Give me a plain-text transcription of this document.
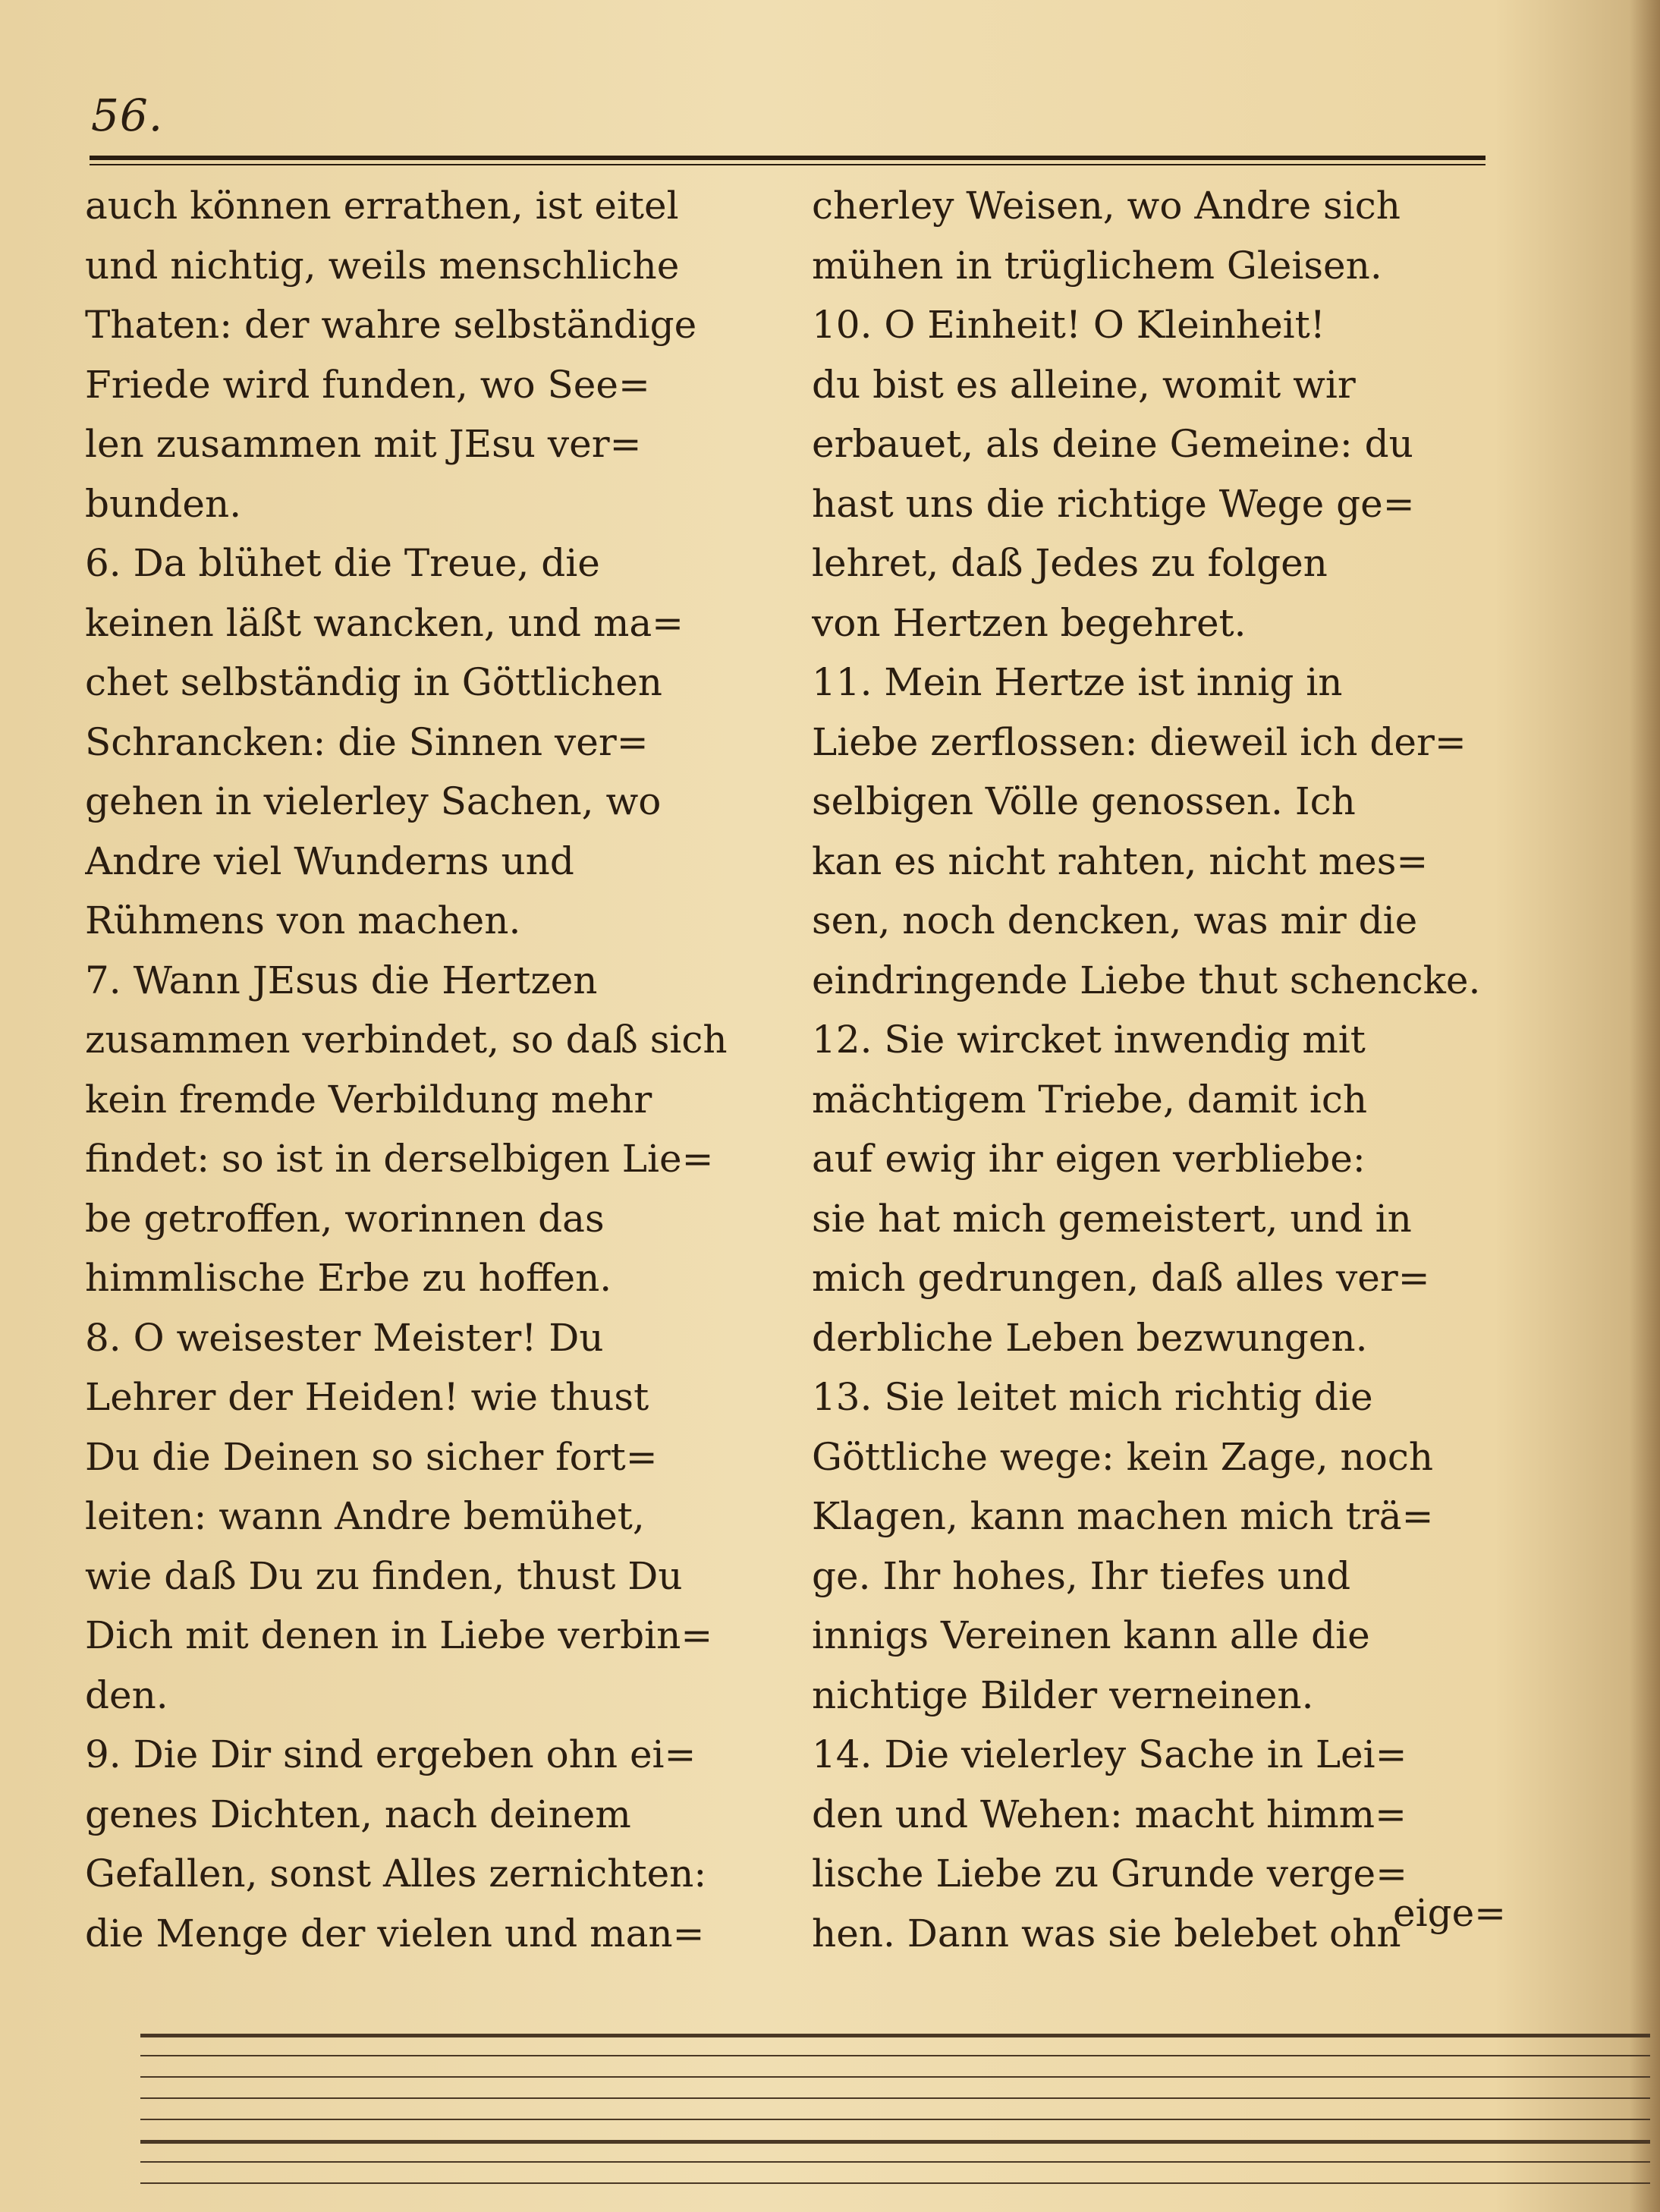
56.
auch können errathen, ist eitel
und nichtig, weils menschliche
Thaten: der wahre selbständige
Friede wird funden, wo See=
len zusammen mit JEsu ver=
bunden.
6. Da blühet die Treue, die
keinen läßt wancken, und ma=
chet selbständig in Göttlichen
Schrancken: die Sinnen ver=
gehen in vielerley Sachen, wo
Andre viel Wunderns und
Rühmens von machen.
7. Wann JEsus die Hertzen
zusammen verbindet, so daß sich
kein fremde Verbildung mehr
findet: so ist in derselbigen Lie=
be getroffen, worinnen das
himmlische Erbe zu hoffen.
8. O weisester Meister! Du
Lehrer der Heiden! wie thust
Du die Deinen so sicher fort=
leiten: wann Andre bemühet,
wie daß Du zu finden, thust Du
Dich mit denen in Liebe verbin=
den.
9. Die Dir sind ergeben ohn ei=
genes Dichten, nach deinem
Gefallen, sonst Alles zernichten:
die Menge der vielen und man=
cherley Weisen, wo Andre sich
mühen in trüglichem Gleisen.
10. O Einheit! O Kleinheit!
du bist es alleine, womit wir
erbauet, als deine Gemeine: du
hast uns die richtige Wege ge=
lehret, daß Jedes zu folgen
von Hertzen begehret.
11. Mein Hertze ist innig in
Liebe zerflossen: dieweil ich der=
selbigen Völle genossen. Ich
kan es nicht rahten, nicht mes=
sen, noch dencken, was mir die
eindringende Liebe thut schencke.
12. Sie wircket inwendig mit
mächtigem Triebe, damit ich
auf ewig ihr eigen verbliebe:
sie hat mich gemeistert, und in
mich gedrungen, daß alles ver=
derbliche Leben bezwungen.
13. Sie leitet mich richtig die
Göttliche wege: kein Zage, noch
Klagen, kann machen mich trä=
ge. Ihr hohes, Ihr tiefes und
innigs Vereinen kann alle die
nichtige Bilder verneinen.
14. Die vielerley Sache in Lei=
den und Wehen: macht himm=
lische Liebe zu Grunde verge=
hen. Dann was sie belebet ohn
eige=
